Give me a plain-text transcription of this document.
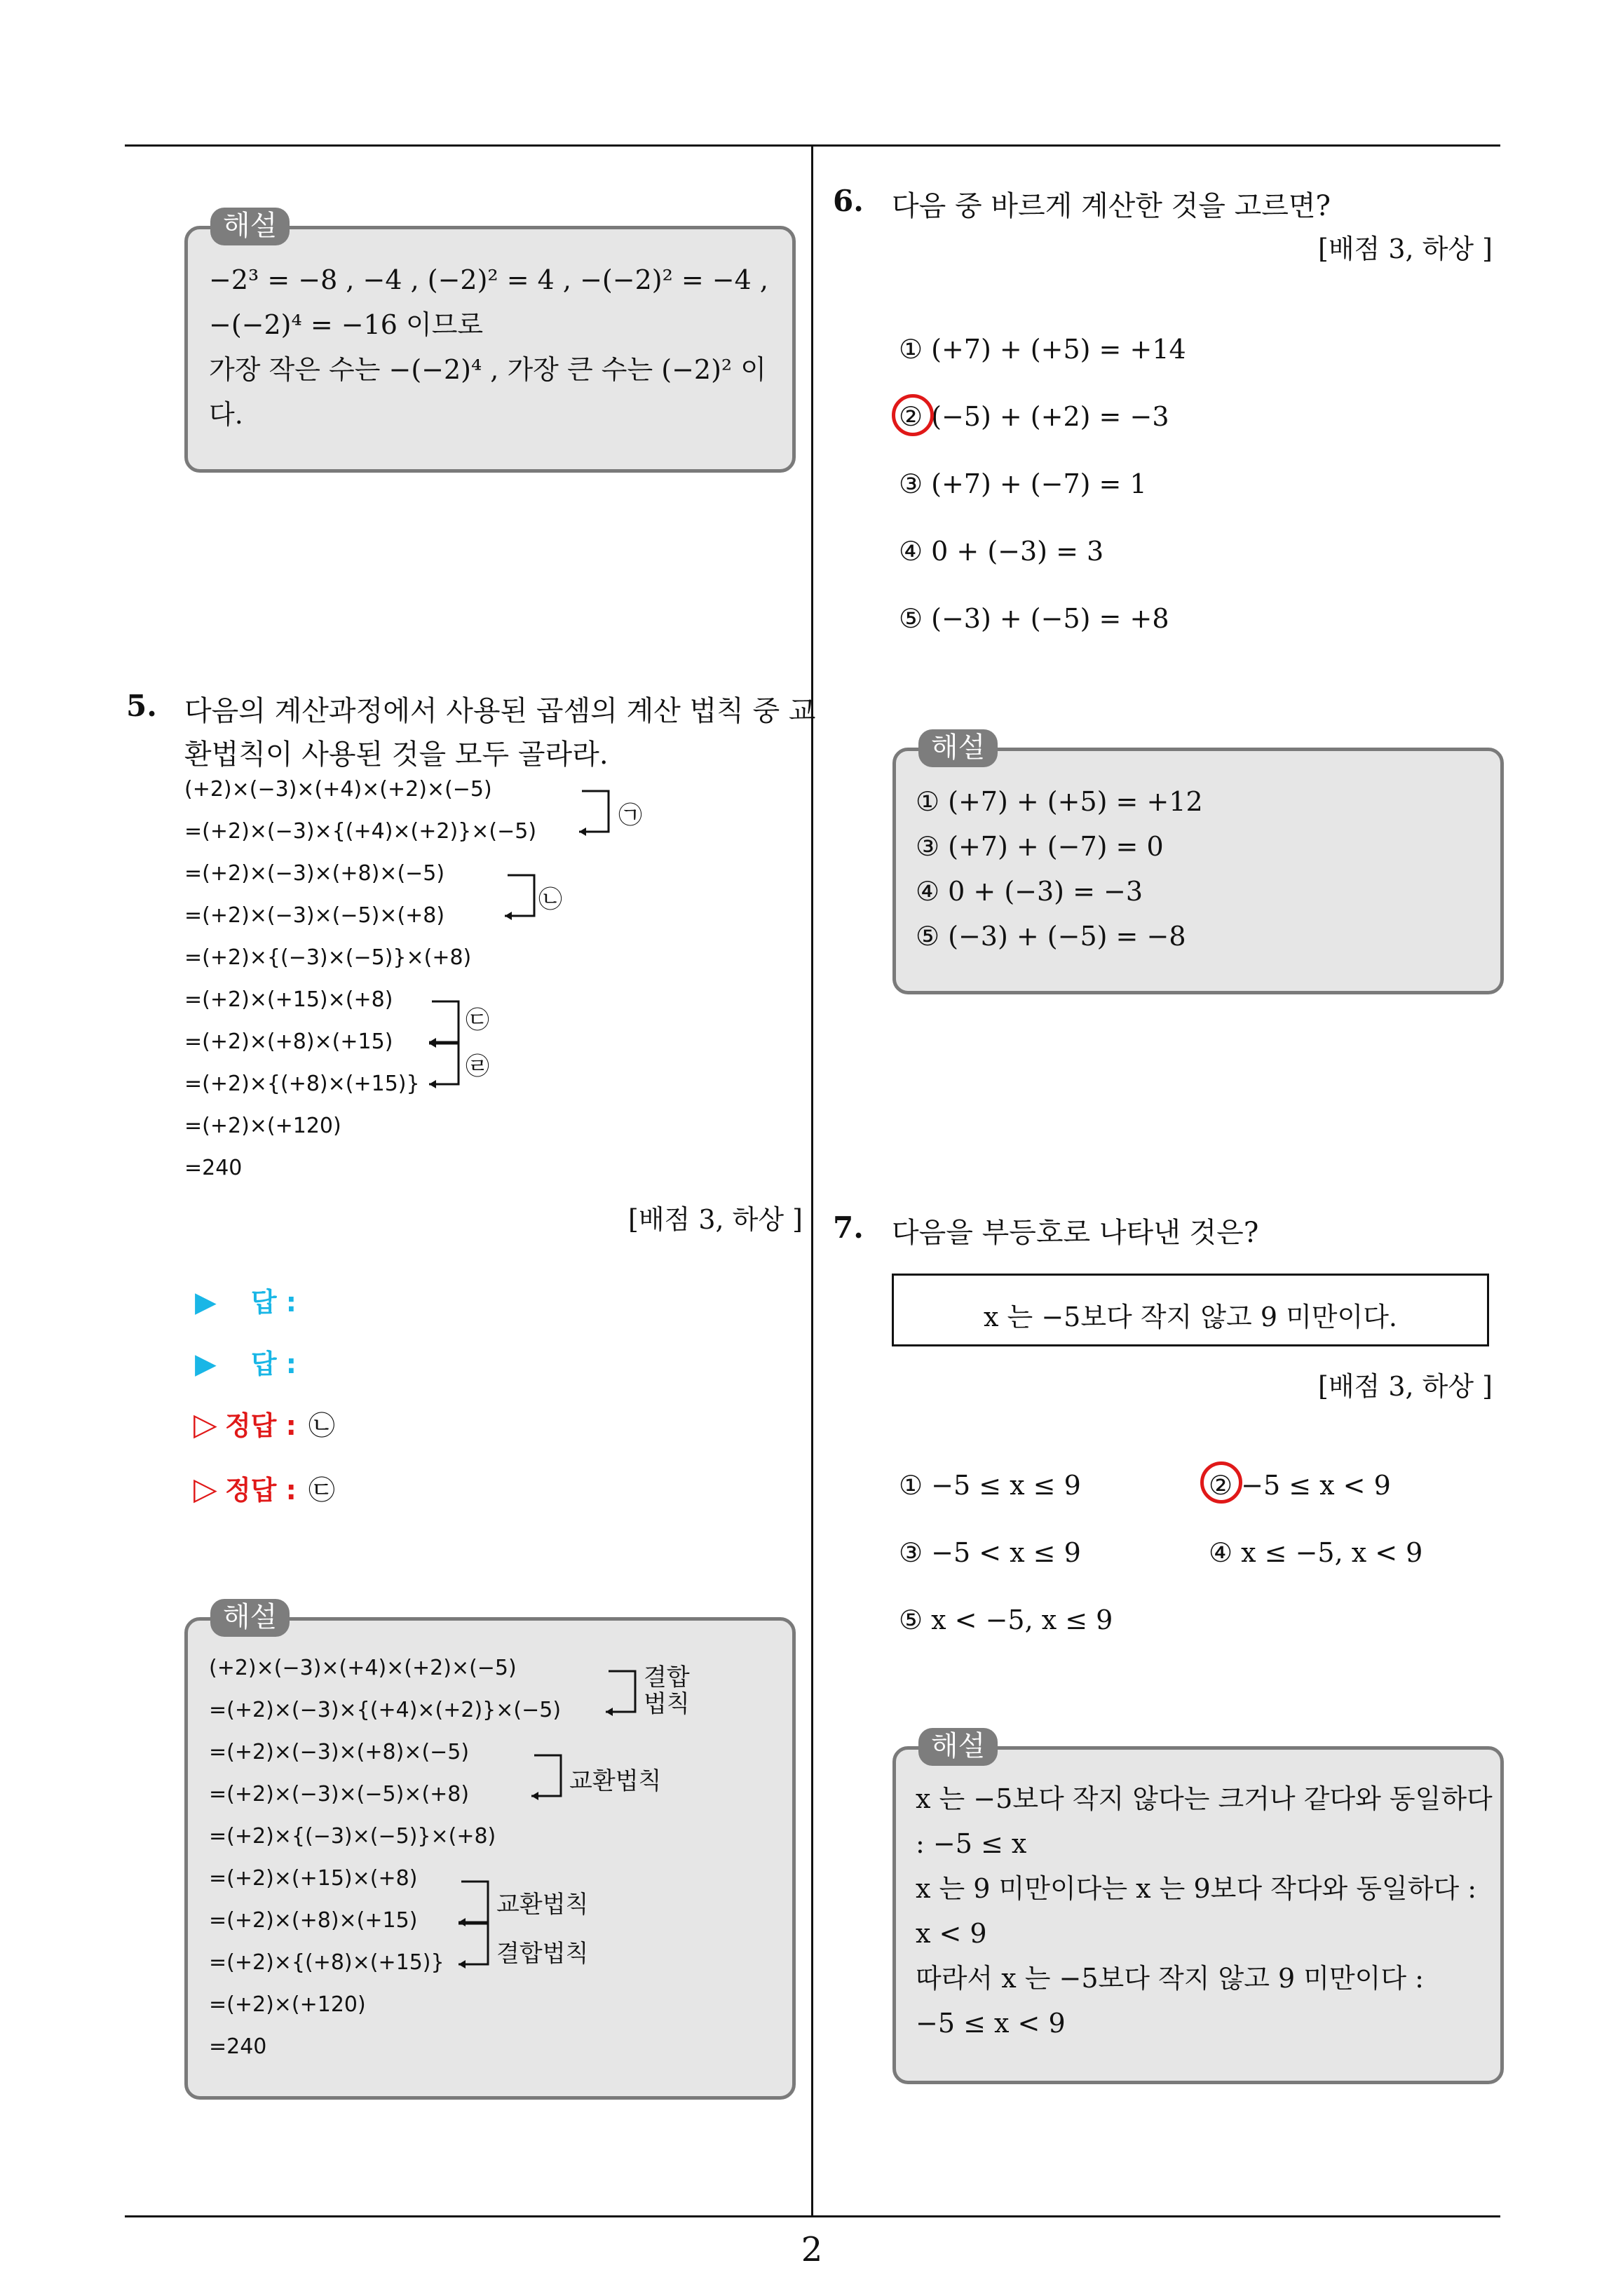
2
−2³ = −8 , −4 , (−2)² = 4 , −(−2)² = −4 ,
−(−2)⁴ = −16 이므로
가장 작은 수는 −(−2)⁴ , 가장 큰 수는 (−2)² 이
다.
해설
5. 다음의 계산과정에서 사용된 곱셈의 계산 법칙 중 교
환법칙이 사용된 것을 모두 골라라.
(+2)×(−3)×(+4)×(+2)×(−5)
=(+2)×(−3)×{(+4)×(+2)}×(−5)
=(+2)×(−3)×(+8)×(−5)
=(+2)×(−3)×(−5)×(+8)
=(+2)×{(−3)×(−5)}×(+8)
=(+2)×(+15)×(+8)
=(+2)×(+8)×(+15)
=(+2)×{(+8)×(+15)}
=(+2)×(+120)
=240
㉠
㉡
㉢
㉣
[배점 3, 하상 ]
▶ 답 :
▶ 답 :
▷ 정답 : ㉡
▷ 정답 : ㉢
(+2)×(−3)×(+4)×(+2)×(−5)
=(+2)×(−3)×{(+4)×(+2)}×(−5)
=(+2)×(−3)×(+8)×(−5)
=(+2)×(−3)×(−5)×(+8)
=(+2)×{(−3)×(−5)}×(+8)
=(+2)×(+15)×(+8)
=(+2)×(+8)×(+15)
=(+2)×{(+8)×(+15)}
=(+2)×(+120)
=240
결합
법칙
교환법칙
교환법칙
결합법칙
해설
6. 다음 중 바르게 계산한 것을 고르면?
[배점 3, 하상 ]
① (+7) + (+5) = +14
② (−5) + (+2) = −3
③ (+7) + (−7) = 1
④ 0 + (−3) = 3
⑤ (−3) + (−5) = +8
① (+7) + (+5) = +12
③ (+7) + (−7) = 0
④ 0 + (−3) = −3
⑤ (−3) + (−5) = −8
해설
7. 다음을 부등호로 나타낸 것은?
x 는 −5보다 작지 않고 9 미만이다.
[배점 3, 하상 ]
① −5 ≤ x ≤ 9	② −5 ≤ x < 9
③ −5 < x ≤ 9	④ x ≤ −5, x < 9
⑤ x < −5, x ≤ 9
x 는 −5보다 작지 않다는 크거나 같다와 동일하다
: −5 ≤ x
x 는 9 미만이다는 x 는 9보다 작다와 동일하다 :
x < 9
따라서 x 는 −5보다 작지 않고 9 미만이다 :
−5 ≤ x < 9
해설
